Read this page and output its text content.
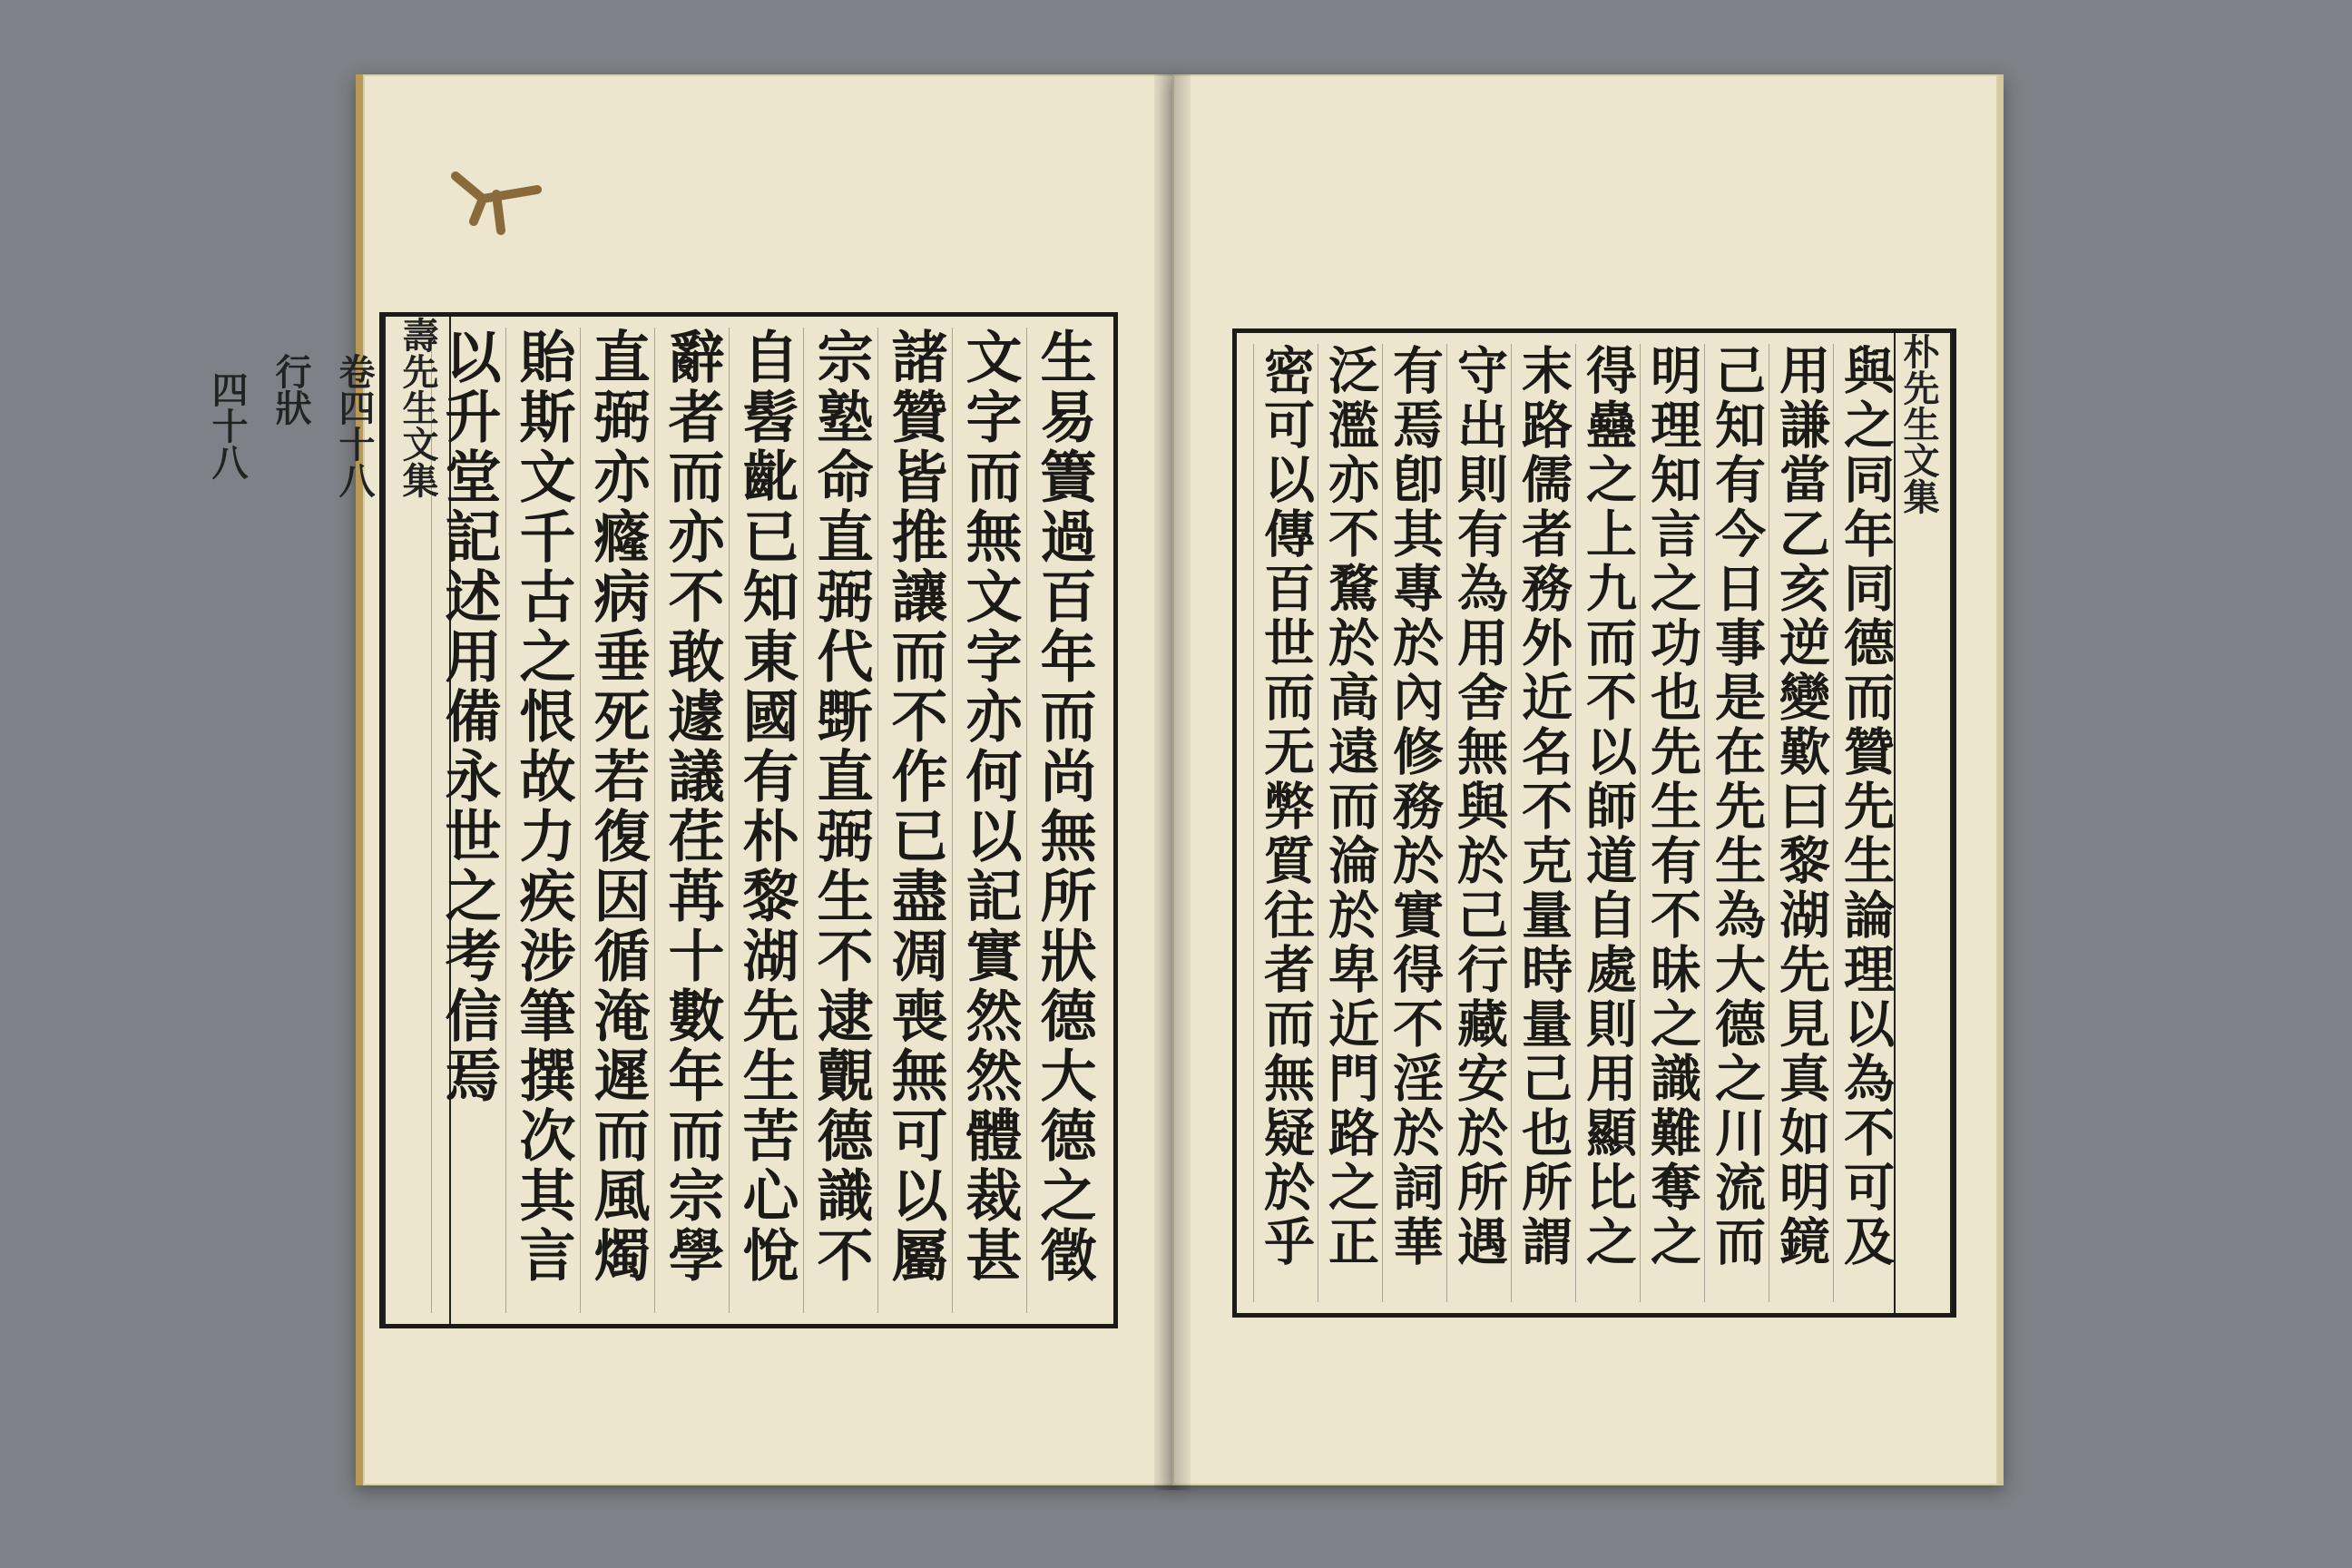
壽先生文集
卷四十八
行狀
四十八
生易簀過百年而尚無所狀德大德之徵
文字而無文字亦何以記實然然體裁甚
諸贊皆推讓而不作已盡凋喪無可以屬
宗塾命直弼代斲直弼生不逮覿德識不
自髫齔已知東國有朴黎湖先生苦心悅
辭者而亦不敢遽議荏苒十數年而宗學
直弼亦癃病垂死若復因循淹遲而風燭
貽斯文千古之恨故力疾涉筆撰次其言
以升堂記述用備永世之考信焉	朴先生文集
與之同年同德而贊先生論理以為不可及
用謙當乙亥逆變歎曰黎湖先見真如明鏡
己知有今日事是在先生為大德之川流而
明理知言之功也先生有不昧之識難奪之
得蠱之上九而不以師道自處則用顯比之
末路儒者務外近名不克量時量己也所謂
守出則有為用舍無與於己行藏安於所遇
有焉卽其專於內修務於實得不淫於詞華
泛濫亦不騖於高遠而淪於卑近門路之正
密可以傳百世而无弊質往者而無疑於乎
